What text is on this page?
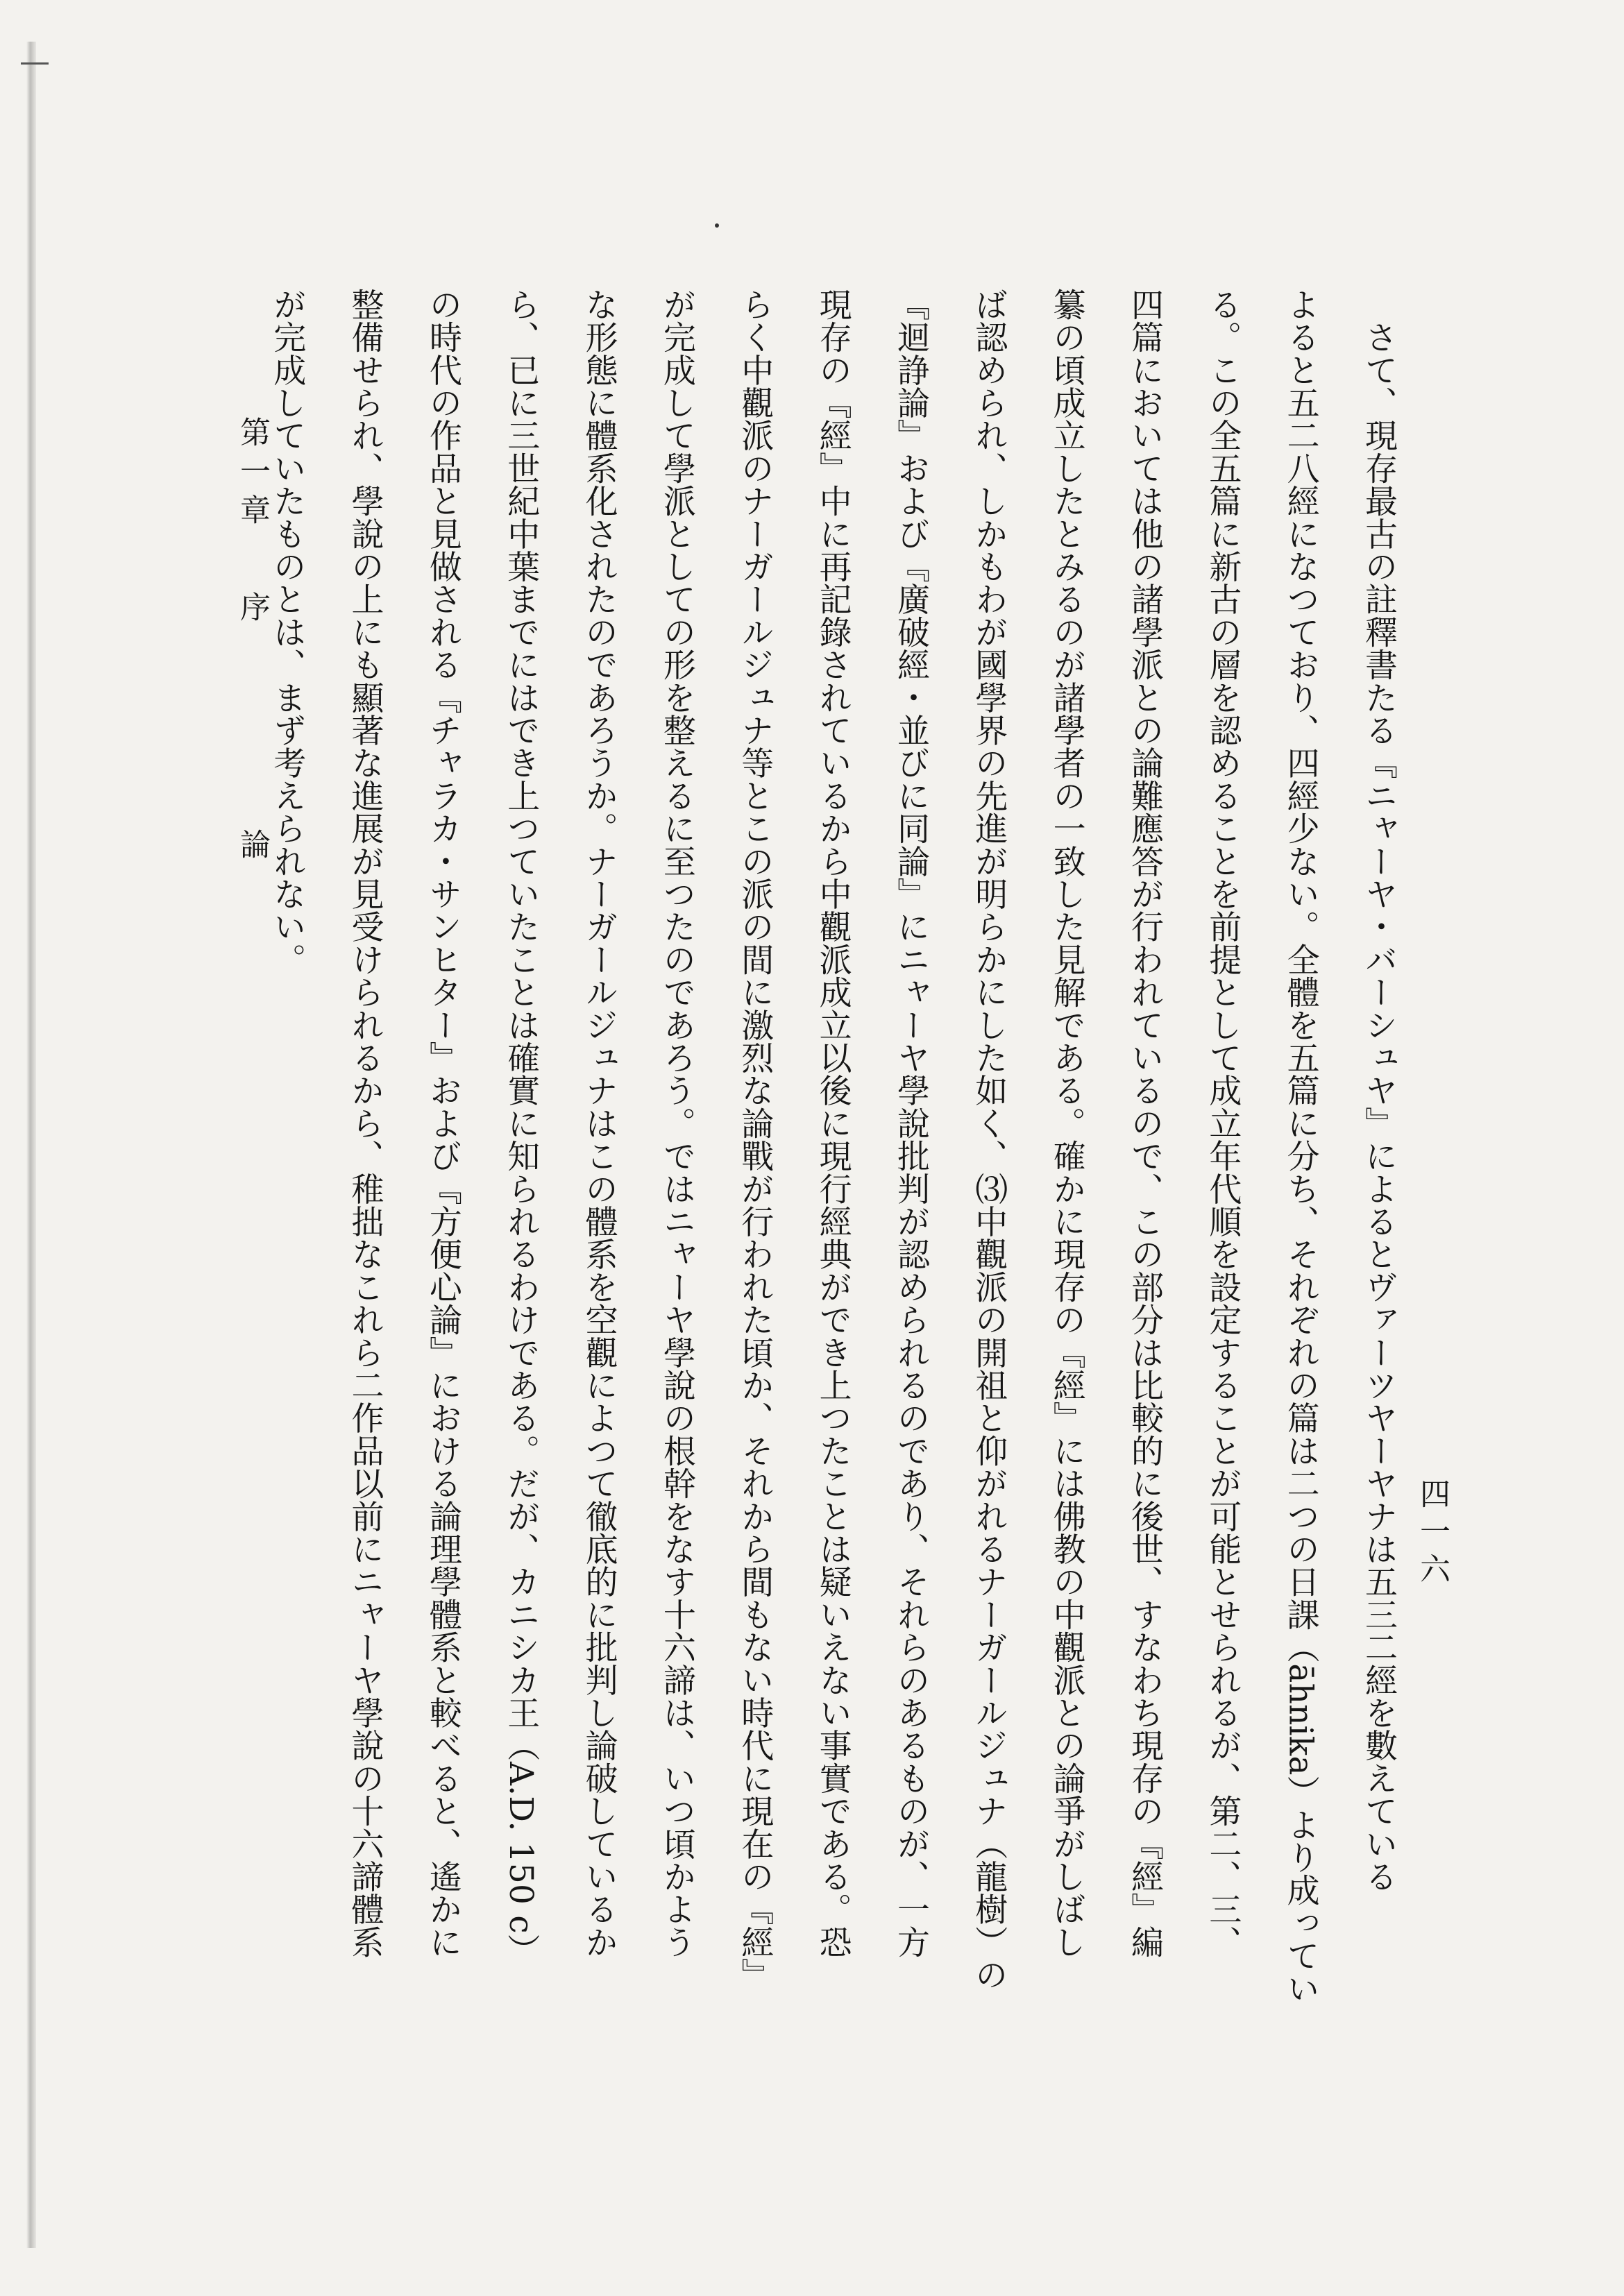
四一六
　さて、現存最古の註釋書たる『ニャーヤ・バーシュヤ』によるとヴァーツヤーヤナは五三二經を數えている
よると五二八經になつており、四經少ない。全體を五篇に分ち、それぞれの篇は二つの日課（āhnika）より成ってい
る。この全五篇に新古の層を認めることを前提として成立年代順を設定することが可能とせられるが、第二、三、
四篇においては他の諸學派との論難應答が行われているので、この部分は比較的に後世、すなわち現存の『經』編
纂の頃成立したとみるのが諸學者の一致した見解である。確かに現存の『經』には佛教の中觀派との論爭がしばし
ば認められ、しかもわが國學界の先進が明らかにした如く、⑶中觀派の開祖と仰がれるナーガールジュナ（龍樹）の
『迴諍論』および『廣破經・並びに同論』にニャーヤ學說批判が認められるのであり、それらのあるものが、一方
現存の『經』中に再記錄されているから中觀派成立以後に現行經典ができ上つたことは疑いえない事實である。恐
らく中觀派のナーガールジュナ等とこの派の間に激烈な論戰が行われた頃か、それから間もない時代に現在の『經』
が完成して學派としての形を整えるに至つたのであろう。ではニャーヤ學說の根幹をなす十六諦は、いつ頃かよう
な形態に體系化されたのであろうか。ナーガールジュナはこの體系を空觀によつて徹底的に批判し論破しているか
ら、已に三世紀中葉までにはでき上つていたことは確實に知られるわけである。だが、カニシカ王（A.D. 150 c）
の時代の作品と見做される『チャラカ・サンヒター』および『方便心論』における論理學體系と較べると、遙かに
整備せられ、學說の上にも顯著な進展が見受けられるから、稚拙なこれら二作品以前にニャーヤ學說の十六諦體系
が完成していたものとは、まず考えられない。
第一章 序　　論
